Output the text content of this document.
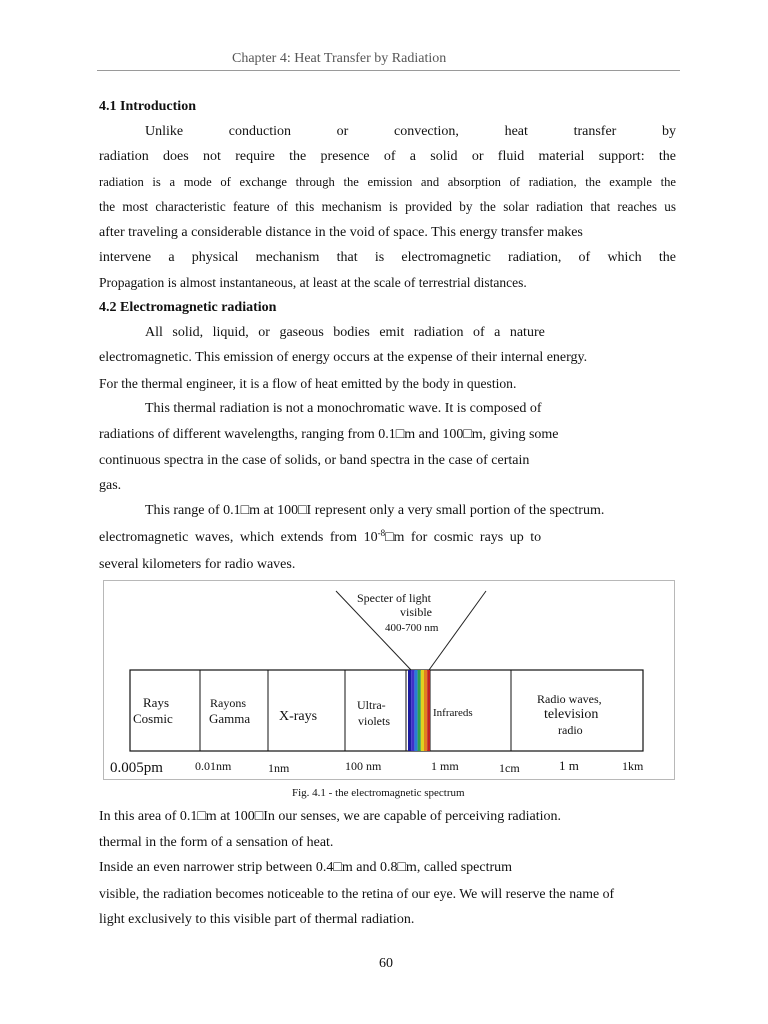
Chapter 4: Heat Transfer by Radiation
4.1 Introduction
Unlike conduction or convection, heat transfer by
radiation does not require the presence of a solid or fluid material support: the
radiation is a mode of exchange through the emission and absorption of radiation, the example the
the most characteristic feature of this mechanism is provided by the solar radiation that reaches us
after traveling a considerable distance in the void of space. This energy transfer makes
intervene a physical mechanism that is electromagnetic radiation, of which the
Propagation is almost instantaneous, at least at the scale of terrestrial distances.
4.2 Electromagnetic radiation
All solid, liquid, or gaseous bodies emit radiation of a nature
electromagnetic. This emission of energy occurs at the expense of their internal energy.
For the thermal engineer, it is a flow of heat emitted by the body in question.
This thermal radiation is not a monochromatic wave. It is composed of
radiations of different wavelengths, ranging from 0.1□m and 100□m, giving some
continuous spectra in the case of solids, or band spectra in the case of certain
gas.
This range of 0.1□m at 100□I represent only a very small portion of the spectrum.
electromagnetic waves, which extends from $10^{-8}□m$ for cosmic rays up to
several kilometers for radio waves.
Specter of light
visible
400-700 nm
Rays
Cosmic
Rayons
Gamma X-rays
Ultra-
violets
Infrareds
Radio waves,
television
radio
0.005pm	0.01nm	1nm	100 nm	1 mm	1cm	1 m	1km
Fig. 4.1 - the electromagnetic spectrum
In this area of 0.1□m at 100□In our senses, we are capable of perceiving radiation.
thermal in the form of a sensation of heat.
Inside an even narrower strip between 0.4□m and 0.8□m, called spectrum
visible, the radiation becomes noticeable to the retina of our eye. We will reserve the name of
light exclusively to this visible part of thermal radiation.
60
